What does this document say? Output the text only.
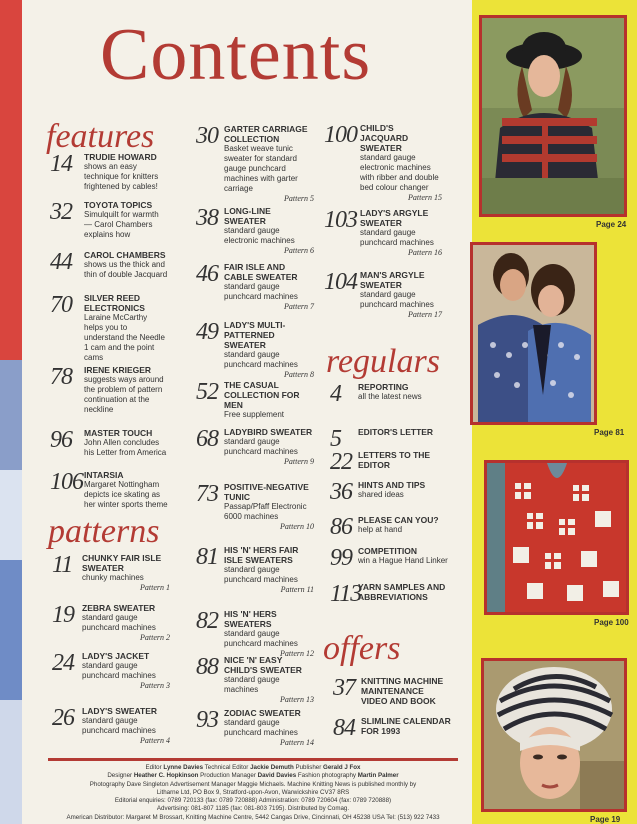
Contents
features
patterns
regulars
offers
14 TRUDIE HOWARD
shows an easy technique for knitters frightened by cables!
32 TOYOTA TOPICS
Simulquilt for warmth — Carol Chambers explains how
44 CAROL CHAMBERS
shows us the thick and thin of double Jacquard
70 SILVER REED ELECTRONICS
Laraine McCarthy helps you to understand the Needle 1 cam and the point cams
78 IRENE KRIEGER
suggests ways around the problem of pattern continuation at the neckline
96 MASTER TOUCH
John Allen concludes his Letter from America
106 INTARSIA
Margaret Nottingham depicts ice skating as her winter sports theme
11 CHUNKY FAIR ISLE SWEATER
chunky machines
Pattern 1
19 ZEBRA SWEATER
standard gauge punchcard machines
Pattern 2
24 LADY'S JACKET
standard gauge punchcard machines
Pattern 3
26 LADY'S SWEATER
standard gauge punchcard machines
Pattern 4
30 GARTER CARRIAGE COLLECTION
Basket weave tunic sweater for standard gauge punchcard machines with garter carriage
Pattern 5
38 LONG-LINE SWEATER
standard gauge electronic machines
Pattern 6
46 FAIR ISLE AND CABLE SWEATER
standard gauge punchcard machines
Pattern 7
49 LADY'S MULTI-PATTERNED SWEATER
standard gauge punchcard machines
Pattern 8
52 THE CASUAL COLLECTION FOR MEN
Free supplement
68 LADYBIRD SWEATER
standard gauge punchcard machines
Pattern 9
73 POSITIVE-NEGATIVE TUNIC
Passap/Pfaff Electronic 6000 machines
Pattern 10
81 HIS 'N' HERS FAIR ISLE SWEATERS
standard gauge punchcard machines
Pattern 11
82 HIS 'N' HERS SWEATERS
standard gauge punchcard machines
Pattern 12
88 NICE 'N' EASY CHILD'S SWEATER
standard gauge machines
Pattern 13
93 ZODIAC SWEATER
standard gauge punchcard machines
Pattern 14
100 CHILD'S JACQUARD SWEATER
standard gauge electronic machines with ribber and double bed colour changer
Pattern 15
103 LADY'S ARGYLE SWEATER
standard gauge punchcard machines
Pattern 16
104 MAN'S ARGYLE SWEATER
standard gauge punchcard machines
Pattern 17
4 REPORTING
all the latest news
5 EDITOR'S LETTER
22 LETTERS TO THE EDITOR
36 HINTS AND TIPS
shared ideas
86 PLEASE CAN YOU?
help at hand
99 COMPETITION
win a Hague Hand Linker
113
YARN SAMPLES AND ABBREVIATIONS
37 KNITTING MACHINE MAINTENANCE VIDEO AND BOOK
84 SLIMLINE CALENDAR FOR 1993
Page 24
Page 81
Page 100
Page 19
Editor Lynne Davies Technical Editor Jackie Demuth Publisher Gerald J Fox
Designer Heather C. Hopkinson Production Manager David Davies Fashion photography Martin Palmer
Photography Dave Singleton Advertisement Manager Maggie Michaels. Machine Knitting News is published monthly by
Litharne Ltd, PO Box 9, Stratford-upon-Avon, Warwickshire CV37 8RS
Editorial enquiries: 0789 720133 (fax: 0789 720888) Administration: 0789 720604 (fax: 0789 720888)
Advertising: 081-807 1185 (fax: 081-803 7195). Distributed by Comag.
American Distributor: Margaret M Brossart, Knitting Machine Centre, 5442 Cangas Drive, Cincinnati, OH 45238 USA Tel: (513) 922 7433
